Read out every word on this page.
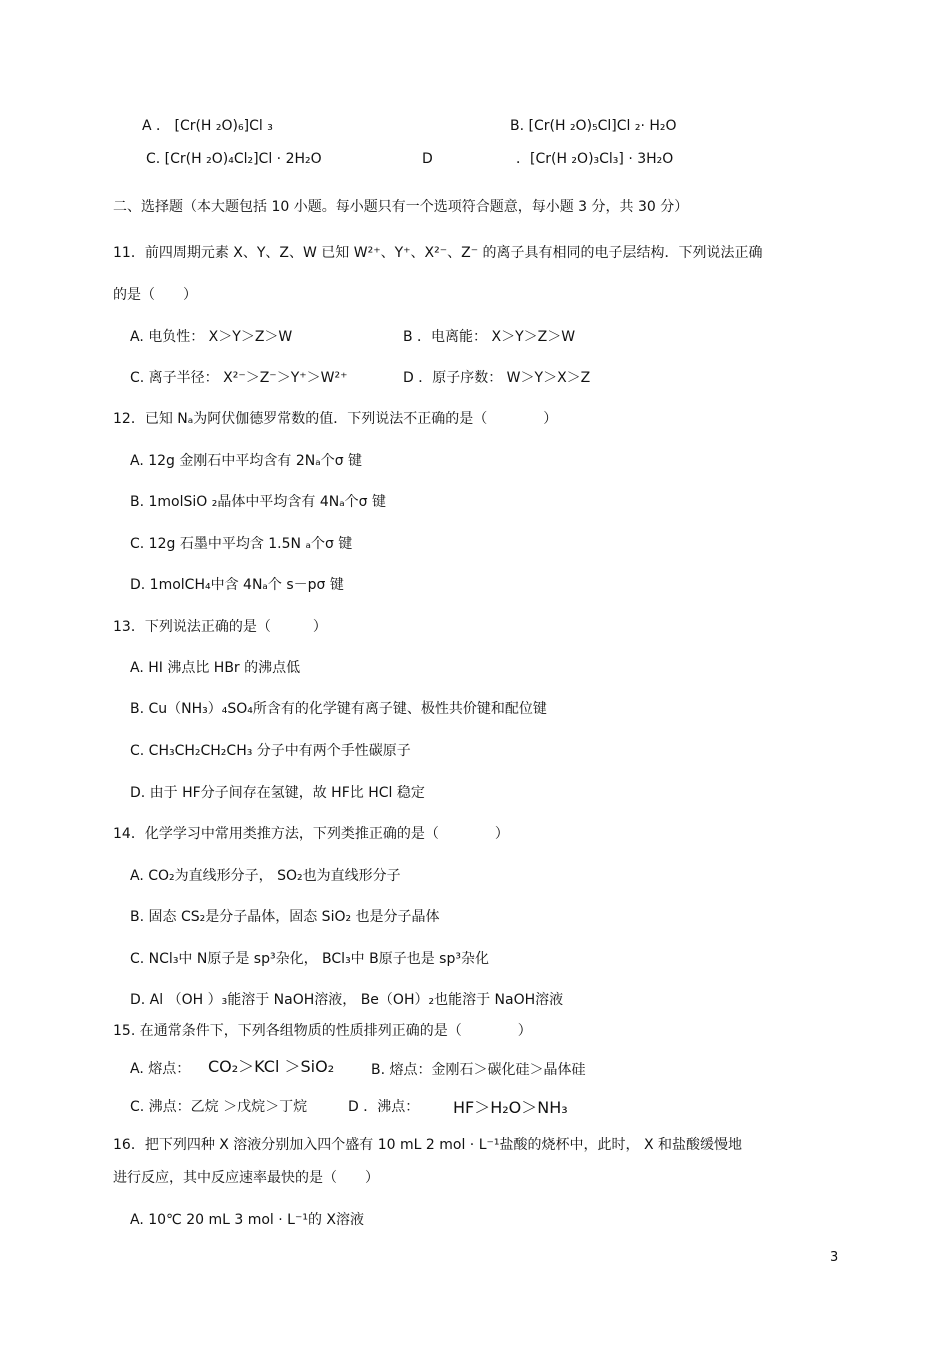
A ． [Cr(H ₂O)₆]Cl ₃	B. [Cr(H ₂O)₅Cl]Cl ₂· H₂O
C. [Cr(H ₂O)₄Cl₂]Cl · 2H₂O	D	．[Cr(H ₂O)₃Cl₃] · 3H₂O
二、选择题（本大题包括 10 小题。每小题只有一个选项符合题意，每小题 3 分，共 30 分）
11．前四周期元素 X、Y、Z、W 已知 W²⁺、Y⁺、X²⁻、Z⁻ 的离子具有相同的电子层结构．下列说法正确
的是（　　）
A. 电负性： X＞Y＞Z＞W	B ．电离能： X＞Y＞Z＞W
C. 离子半径： X²⁻＞Z⁻＞Y⁺＞W²⁺	D ．原子序数： W＞Y＞X＞Z
12．已知 Nₐ为阿伏伽德罗常数的值．下列说法不正确的是（　　　　）
A. 12g 金刚石中平均含有 2Nₐ个σ 键
B. 1molSiO ₂晶体中平均含有 4Nₐ个σ 键
C. 12g 石墨中平均含 1.5N ₐ个σ 键
D. 1molCH₄中含 4Nₐ个 s－pσ 键
13．下列说法正确的是（　　　）
A. HI 沸点比 HBr 的沸点低
B. Cu（NH₃）₄SO₄所含有的化学键有离子键、极性共价键和配位键
C. CH₃CH₂CH₂CH₃ 分子中有两个手性碳原子
D. 由于 HF分子间存在氢键，故 HF比 HCl 稳定
14．化学学习中常用类推方法，下列类推正确的是（　　　　）
A. CO₂为直线形分子， SO₂也为直线形分子
B. 固态 CS₂是分子晶体，固态 SiO₂ 也是分子晶体
C. NCl₃中 N原子是 sp³杂化， BCl₃中 B原子也是 sp³杂化
D. Al （OH ）₃能溶于 NaOH溶液， Be（OH）₂也能溶于 NaOH溶液
15. 在通常条件下，下列各组物质的性质排列正确的是（　　　　）
A. 熔点： CO₂＞KCl ＞SiO₂	B. 熔点：金刚石＞碳化硅＞晶体硅
C. 沸点：乙烷 ＞戊烷＞丁烷	D ．沸点： HF＞H₂O＞NH₃
16．把下列四种 X 溶液分别加入四个盛有 10 mL 2 mol · L⁻¹盐酸的烧杯中，此时， X 和盐酸缓慢地
进行反应，其中反应速率最快的是（　　）
A. 10℃ 20 mL 3 mol · L⁻¹的 X溶液
3
